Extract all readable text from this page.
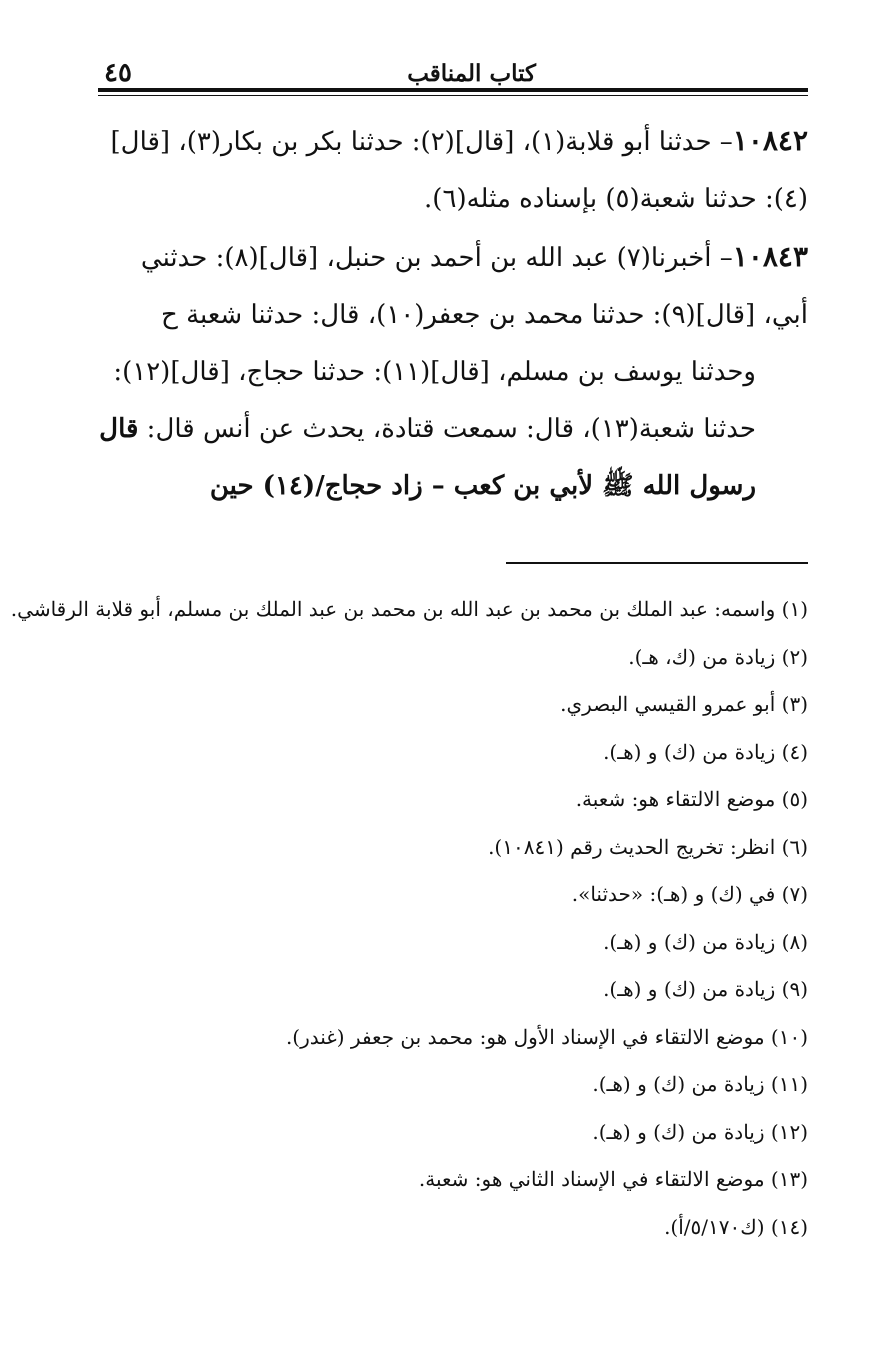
كتاب المناقب
٤٥

١٠٨٤٢– حدثنا أبو قلابة(١)، [قال](٢): حدثنا بكر بن بكار(٣)، [قال](٤): حدثنا شعبة(٥) بإسناده مثله(٦).

١٠٨٤٣– أخبرنا(٧) عبد الله بن أحمد بن حنبل، [قال](٨): حدثني أبي، [قال](٩): حدثنا محمد بن جعفر(١٠)، قال: حدثنا شعبة ح

وحدثنا يوسف بن مسلم، [قال](١١): حدثنا حجاج، [قال](١٢): حدثنا شعبة(١٣)، قال: سمعت قتادة، يحدث عن أنس قال: قال رسول الله ﷺ لأبي بن كعب – زاد حجاج/(١٤) حين

(١) واسمه: عبد الملك بن محمد بن عبد الله بن محمد بن عبد الملك بن مسلم، أبو قلابة الرقاشي.
(٢) زيادة من (ك، هـ).
(٣) أبو عمرو القيسي البصري.
(٤) زيادة من (ك) و (هـ).
(٥) موضع الالتقاء هو: شعبة.
(٦) انظر: تخريج الحديث رقم (١٠٨٤١).
(٧) في (ك) و (هـ): «حدثنا».
(٨) زيادة من (ك) و (هـ).
(٩) زيادة من (ك) و (هـ).
(١٠) موضع الالتقاء في الإسناد الأول هو: محمد بن جعفر (غندر).
(١١) زيادة من (ك) و (هـ).
(١٢) زيادة من (ك) و (هـ).
(١٣) موضع الالتقاء في الإسناد الثاني هو: شعبة.
(١٤) (ك٥/١٧٠/أ).
